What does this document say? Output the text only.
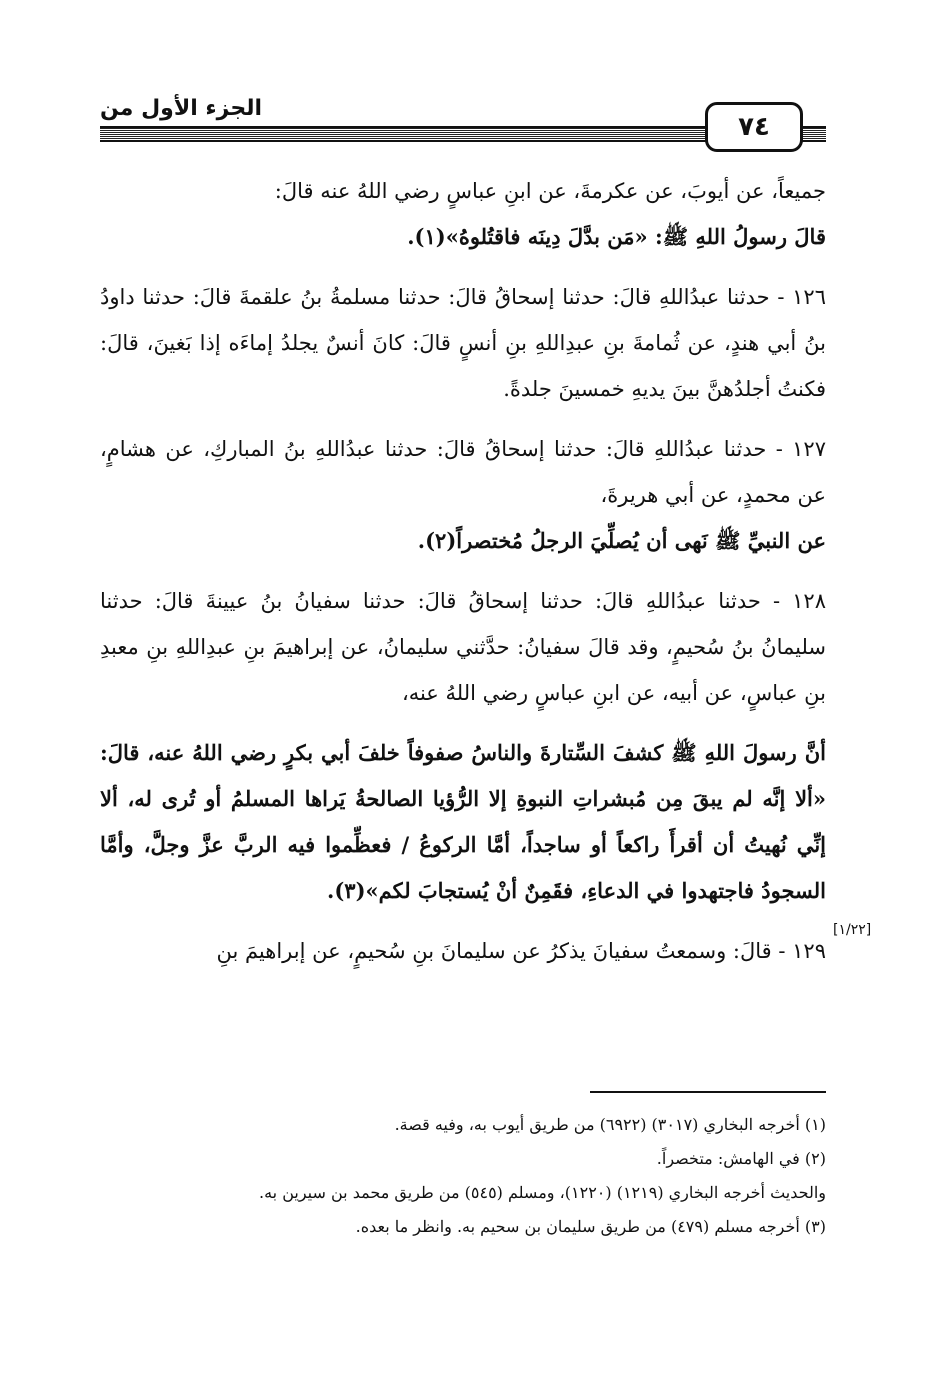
الجزء الأول من
٧٤

جميعاً، عن أيوبَ، عن عكرمةَ، عن ابنِ عباسٍ رضي اللهُ عنه قالَ:

قالَ رسولُ اللهِ ﷺ: «مَن بدَّلَ دِينَه فاقتُلوهُ»(١).

١٢٦ - حدثنا عبدُاللهِ قالَ: حدثنا إسحاقُ قالَ: حدثنا مسلمةُ بنُ علقمةَ قالَ: حدثنا داودُ بنُ أبي هندٍ، عن ثُمامةَ بنِ عبدِاللهِ بنِ أنسٍ قالَ: كانَ أنسٌ يجلدُ إماءَه إذا بَغينَ، قالَ: فكنتُ أجلدُهنَّ بينَ يديهِ خمسينَ جلدةً.

١٢٧ - حدثنا عبدُاللهِ قالَ: حدثنا إسحاقُ قالَ: حدثنا عبدُاللهِ بنُ المباركِ، عن هشامٍ، عن محمدٍ، عن أبي هريرةَ،

عن النبيِّ ﷺ نَهى أن يُصلِّيَ الرجلُ مُختصراً(٢).

١٢٨ - حدثنا عبدُاللهِ قالَ: حدثنا إسحاقُ قالَ: حدثنا سفيانُ بنُ عيينةَ قالَ: حدثنا سليمانُ بنُ سُحيمٍ، وقد قالَ سفيانُ: حدَّثني سليمانُ، عن إبراهيمَ بنِ عبدِاللهِ بنِ معبدِ بنِ عباسٍ، عن أبيه، عن ابنِ عباسٍ رضي اللهُ عنه،

أنَّ رسولَ اللهِ ﷺ كشفَ السِّتارةَ والناسُ صفوفاً خلفَ أبي بكرٍ رضي اللهُ عنه، قالَ: «ألا إنَّه لم يبقَ مِن مُبشراتِ النبوةِ إلا الرُّؤيا الصالحةُ يَراها المسلمُ أو تُرى له، ألا إنِّي نُهيتُ أن أقرأَ راكعاً أو ساجداً، أمَّا الركوعُ / فعظِّموا فيه الربَّ عزَّ وجلَّ، وأمَّا السجودُ فاجتهدوا في الدعاءِ، فقَمِنٌ أنْ يُستجابَ لكم»(٣).

١٢٩ - قالَ: وسمعتُ سفيانَ يذكرُ عن سليمانَ بنِ سُحيمٍ، عن إبراهيمَ بنِ

[١/٢٢]

(١) أخرجه البخاري (٣٠١٧) (٦٩٢٢) من طريق أيوب به، وفيه قصة.

(٢) في الهامش: متخصراً.

والحديث أخرجه البخاري (١٢١٩) (١٢٢٠)، ومسلم (٥٤٥) من طريق محمد بن سيرين به.

(٣) أخرجه مسلم (٤٧٩) من طريق سليمان بن سحيم به. وانظر ما بعده.
